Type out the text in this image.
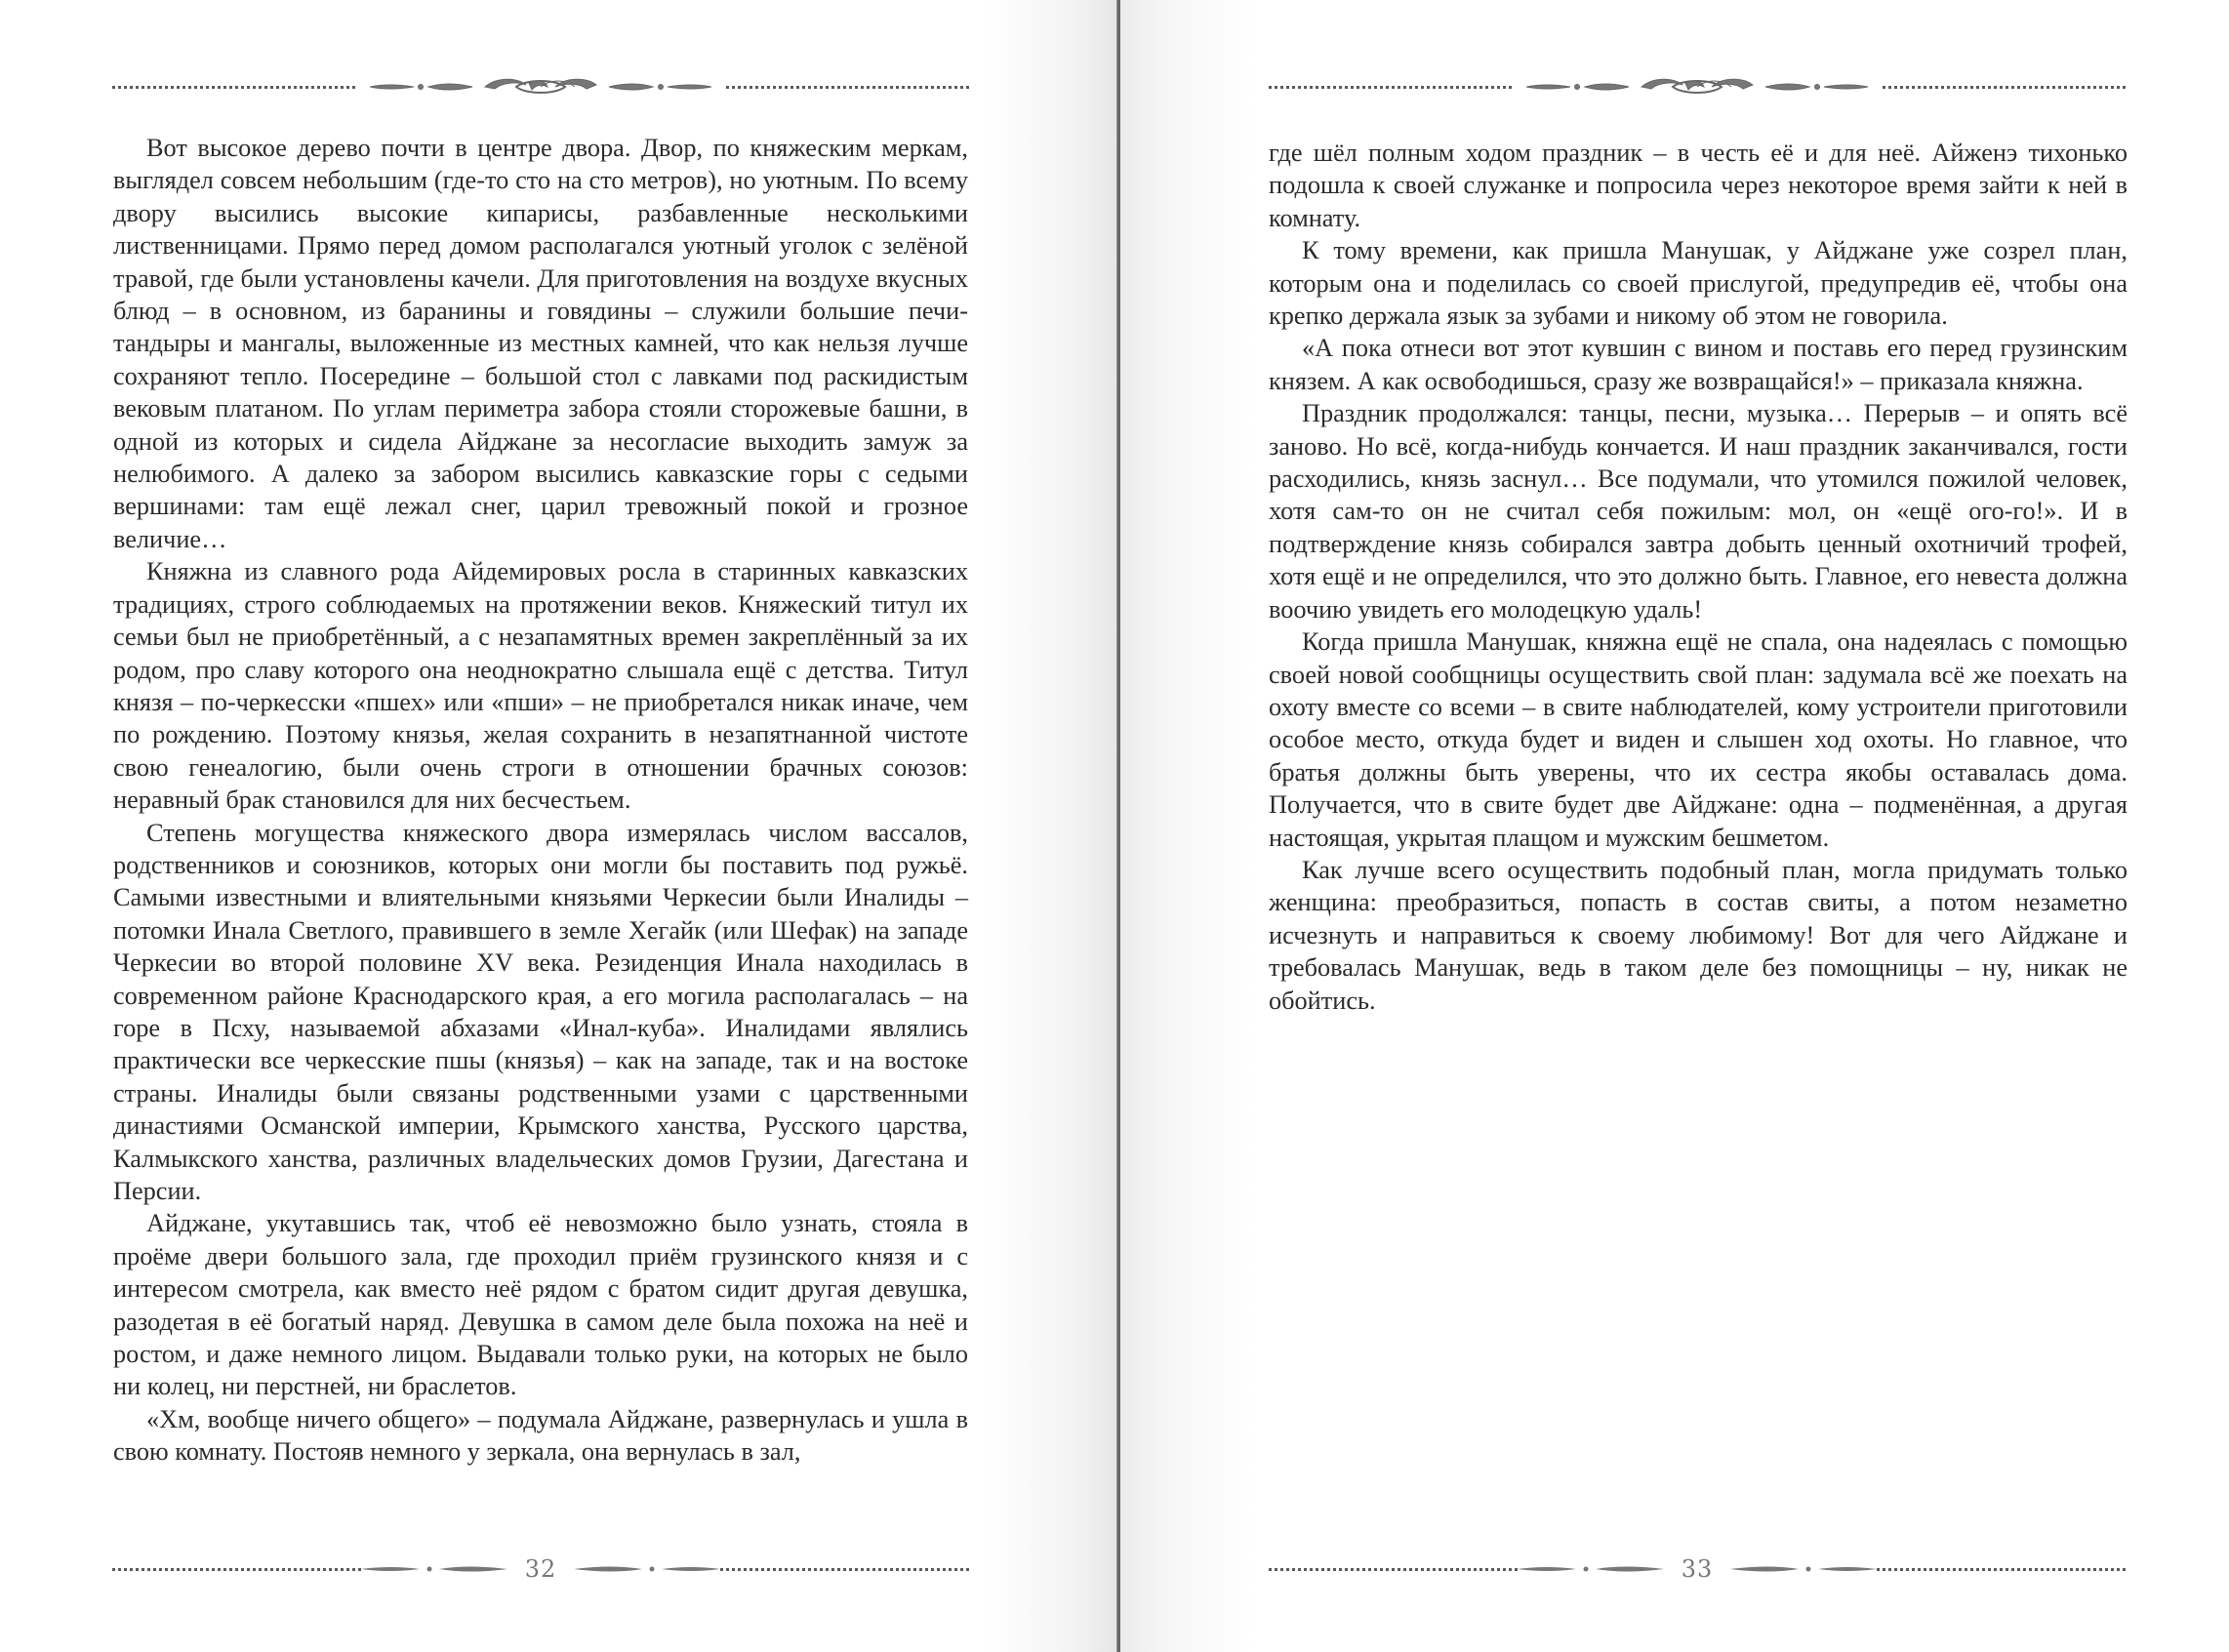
Вот высокое дерево почти в центре двора. Двор, по княжеским меркам, выглядел совсем небольшим (где-то сто на сто метров), но уютным. По всему двору высились высокие кипарисы, разбавленные несколькими лиственницами. Прямо перед домом располагался уютный уголок с зелёной травой, где были установлены качели. Для приготовления на воздухе вкусных блюд – в основном, из баранины и говядины – служили большие печи-тандыры и мангалы, выложенные из местных камней, что как нельзя лучше сохраняют тепло. Посередине – большой стол с лавками под раскидистым вековым платаном. По углам периметра забора стояли сторожевые башни, в одной из которых и сидела Айджане за несогласие выходить замуж за нелюбимого. А далеко за забором высились кавказские горы с седыми вершинами: там ещё лежал снег, царил тревожный покой и грозное величие…

Княжна из славного рода Айдемировых росла в старинных кавказских традициях, строго соблюдаемых на протяжении веков. Княжеский титул их семьи был не приобретённый, а с незапамятных времен закреплённый за их родом, про славу которого она неоднократно слышала ещё с детства. Титул князя – по-черкесски «пшех» или «пши» – не приобретался никак иначе, чем по рождению. Поэтому князья, желая сохранить в незапятнанной чистоте свою генеалогию, были очень строги в отношении брачных союзов: неравный брак становился для них бесчестьем.

Степень могущества княжеского двора измерялась числом вассалов, родственников и союзников, которых они могли бы поставить под ружьё. Самыми известными и влиятельными князьями Черкесии были Иналиды – потомки Инала Светлого, правившего в земле Хегайк (или Шефак) на западе Черкесии во второй половине XV века. Резиденция Инала находилась в современном районе Краснодарского края, а его могила располагалась – на горе в Псху, называемой абхазами «Инал-куба». Иналидами являлись практически все черкесские пшы (князья) – как на западе, так и на востоке страны. Иналиды были связаны родственными узами с царственными династиями Османской империи, Крымского ханства, Русского царства, Калмыкского ханства, различных владельческих домов Грузии, Дагестана и Персии.

Айджане, укутавшись так, чтоб её невозможно было узнать, стояла в проёме двери большого зала, где проходил приём грузинского князя и с интересом смотрела, как вместо неё рядом с братом сидит другая девушка, разодетая в её богатый наряд. Девушка в самом деле была похожа на неё и ростом, и даже немного лицом. Выдавали только руки, на которых не было ни колец, ни перстней, ни браслетов.

«Хм, вообще ничего общего» – подумала Айджане, развернулась и ушла в свою комнату. Постояв немного у зеркала, она вернулась в зал,

32

где шёл полным ходом праздник – в честь её и для неё. Айженэ тихонько подошла к своей служанке и попросила через некоторое время зайти к ней в комнату.

К тому времени, как пришла Манушак, у Айджане уже созрел план, которым она и поделилась со своей прислугой, предупредив её, чтобы она крепко держала язык за зубами и никому об этом не говорила.

«А пока отнеси вот этот кувшин с вином и поставь его перед грузинским князем. А как освободишься, сразу же возвращайся!» – приказала княжна.

Праздник продолжался: танцы, песни, музыка… Перерыв – и опять всё заново. Но всё, когда-нибудь кончается. И наш праздник заканчивался, гости расходились, князь заснул… Все подумали, что утомился пожилой человек, хотя сам-то он не считал себя пожилым: мол, он «ещё ого-го!». И в подтверждение князь собирался завтра добыть ценный охотничий трофей, хотя ещё и не определился, что это должно быть. Главное, его невеста должна воочию увидеть его молодецкую удаль!

Когда пришла Манушак, княжна ещё не спала, она надеялась с помощью своей новой сообщницы осуществить свой план: задумала всё же поехать на охоту вместе со всеми – в свите наблюдателей, кому устроители приготовили особое место, откуда будет и виден и слышен ход охоты. Но главное, что братья должны быть уверены, что их сестра якобы оставалась дома. Получается, что в свите будет две Айджане: одна – подменённая, а другая настоящая, укрытая плащом и мужским бешметом.

Как лучше всего осуществить подобный план, могла придумать только женщина: преобразиться, попасть в состав свиты, а потом незаметно исчезнуть и направиться к своему любимому! Вот для чего Айджане и требовалась Манушак, ведь в таком деле без помощницы – ну, никак не обойтись.

33
